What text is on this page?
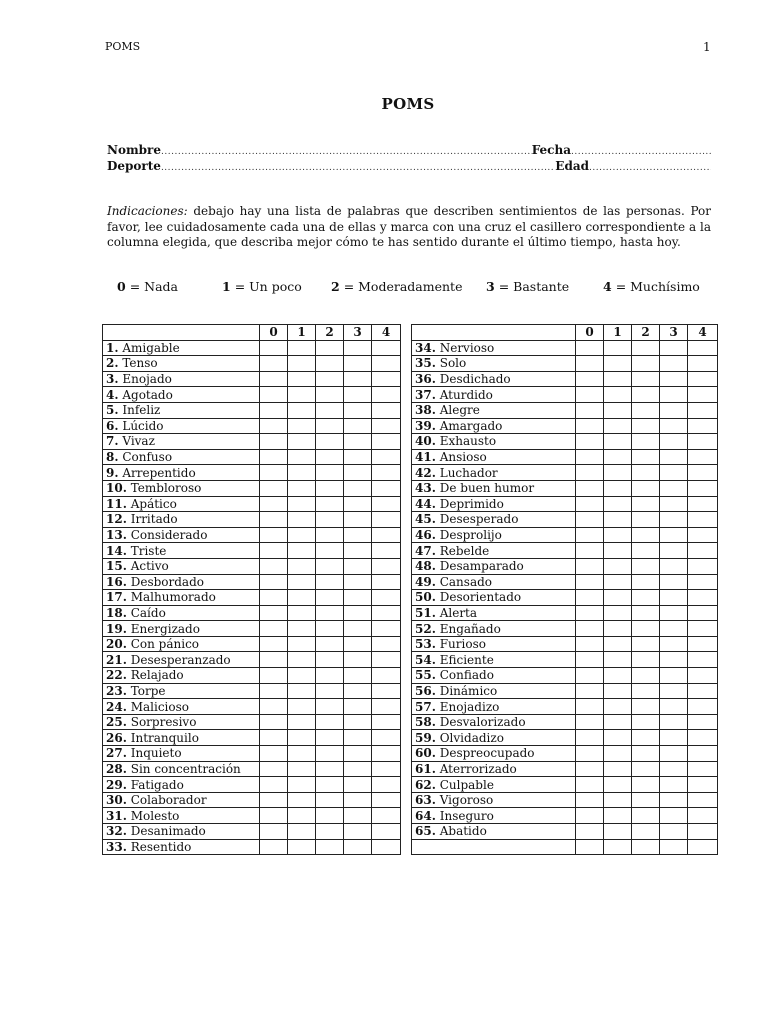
POMS	1
POMS
Nombre .....	Fecha
.....
Deporte .....	Edad
.....
Indicaciones: debajo hay una lista de palabras que describen sentimientos de las personas. Por favor, lee cuidadosamente cada una de ellas y marca con una cruz el casillero correspondiente a la columna elegida, que describa mejor cómo te has sentido durante el último tiempo, hasta hoy.
0 = Nada	1 = Un poco 2 = Moderadamente 3 = Bastante	4 = Muchísimo
	0	1	2	3	4
1. Amigable					
2. Tenso					
3. Enojado					
4. Agotado					
5. Infeliz					
6. Lúcido					
7. Vivaz					
8. Confuso					
9. Arrepentido					
10. Tembloroso					
11. Apático					
12. Irritado					
13. Considerado					
14. Triste					
15. Activo					
16. Desbordado					
17. Malhumorado					
18. Caído					
19. Energizado					
20. Con pánico					
21. Desesperanzado					
22. Relajado					
23. Torpe					
24. Malicioso					
25. Sorpresivo					
26. Intranquilo					
27. Inquieto					
28. Sin concentración					
29. Fatigado					
30. Colaborador					
31. Molesto					
32. Desanimado					
33. Resentido					
	0	1	2	3	4
34. Nervioso					
35. Solo					
36. Desdichado					
37. Aturdido					
38. Alegre					
39. Amargado					
40. Exhausto					
41. Ansioso					
42. Luchador					
43. De buen humor					
44. Deprimido					
45. Desesperado					
46. Desprolijo					
47. Rebelde					
48. Desamparado					
49. Cansado					
50. Desorientado					
51. Alerta					
52. Engañado					
53. Furioso					
54. Eficiente					
55. Confiado					
56. Dinámico					
57. Enojadizo					
58. Desvalorizado					
59. Olvidadizo					
60. Despreocupado					
61. Aterrorizado					
62. Culpable					
63. Vigoroso					
64. Inseguro					
65. Abatido					
